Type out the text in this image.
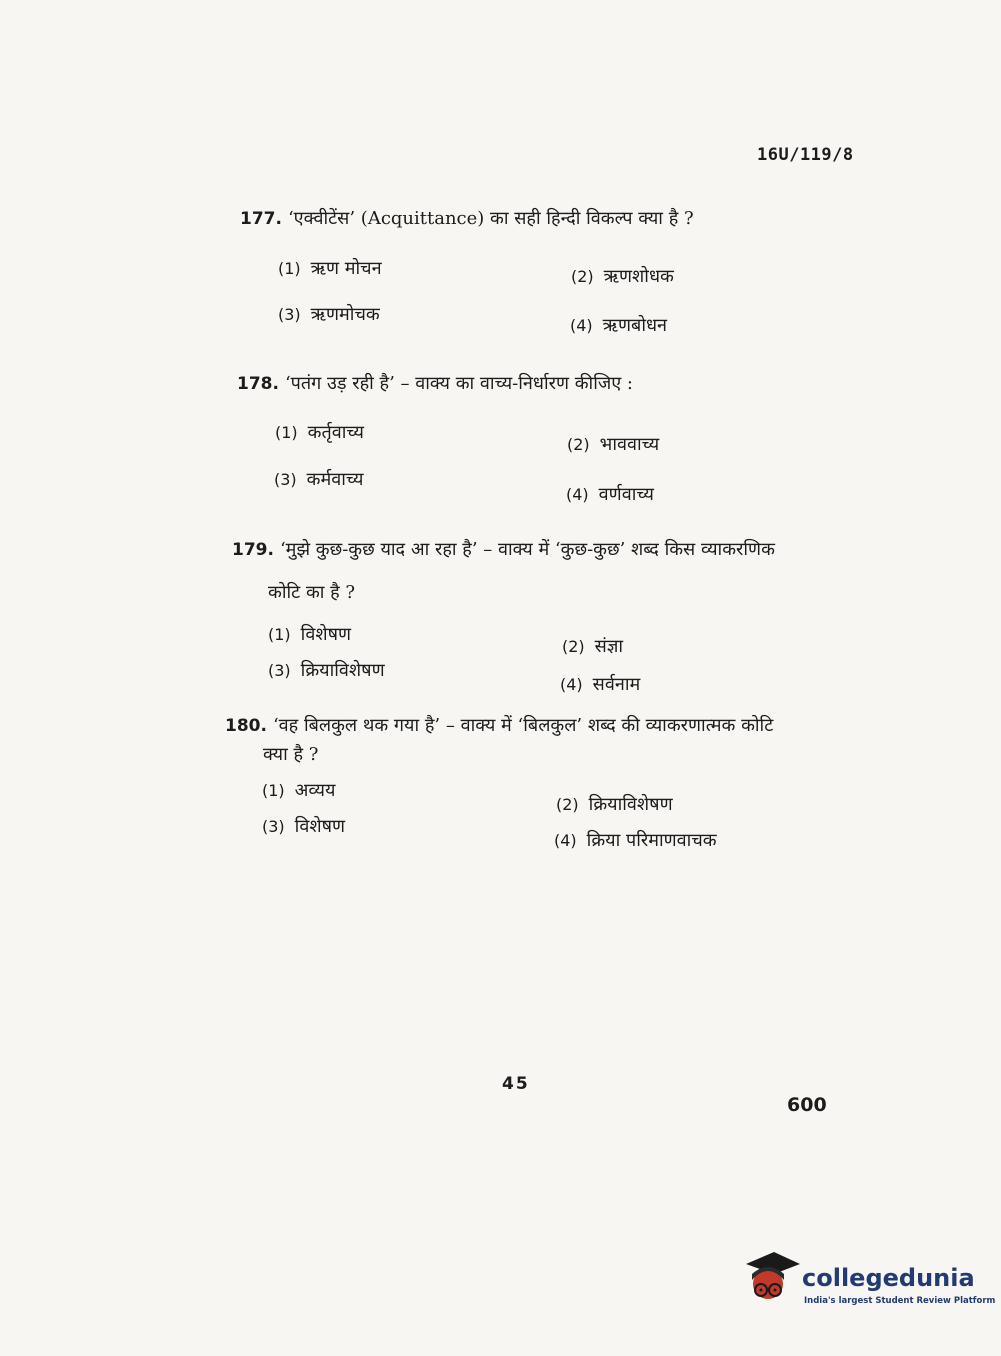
16U/119/8
177. ‘एक्वीटेंस’ (Acquittance) का सही हिन्दी विकल्प क्या है ?
(1) ऋण मोचन	(2) ऋणशोधक
(3) ऋणमोचक
(4) ऋणबोधन
178. ‘पतंग उड़ रही है’ – वाक्य का वाच्य-निर्धारण कीजिए :
(1) कर्तृवाच्य
(2) भाववाच्य
(3) कर्मवाच्य
(4) वर्णवाच्य
179. ‘मुझे कुछ-कुछ याद आ रहा है’ – वाक्य में ‘कुछ-कुछ’ शब्द किस व्याकरणिक
कोटि का है ?
(1) विशेषण
(2) संज्ञा
(3) क्रियाविशेषण
(4) सर्वनाम
180. ‘वह बिलकुल थक गया है’ – वाक्य में ‘बिलकुल’ शब्द की व्याकरणात्मक कोटि
क्या है ?
(1) अव्यय
(2) क्रियाविशेषण
(3) विशेषण
(4) क्रिया परिमाणवाचक
45
600
collegedunia
India's largest Student Review Platform
